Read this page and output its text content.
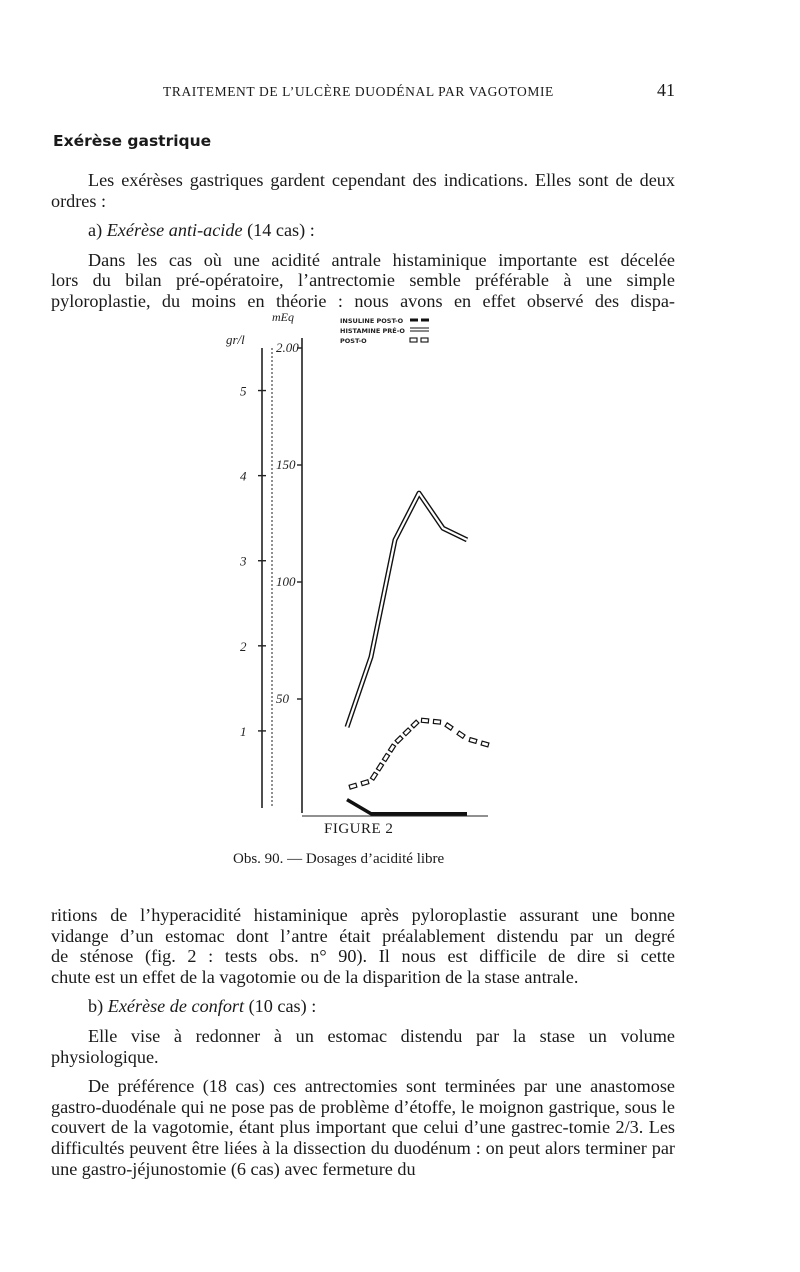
TRAITEMENT DE L’ULCÈRE DUODÉNAL PAR VAGOTOMIE	41
Exérèse gastrique

Les exérèses gastriques gardent cependant des indications. Elles sont de deux ordres :

a) Exérèse anti-acide (14 cas) :

Dans les cas où une acidité antrale histaminique importante est décelée

lors du bilan pré-opératoire, l’antrectomie semble préférable à une simple

pyloroplastie, du moins en théorie : nous avons en effet observé des dispa-

2.00
150
100
50
5
4
3
2
1
gr/l
mEq	INSULINE POST-O
HISTAMINE PRÉ-O
POST-O
FIGURE 2
Obs. 90. — Dosages d’acidité libre

ritions de l’hyperacidité histaminique après pyloroplastie assurant une bonne

vidange d’un estomac dont l’antre était préalablement distendu par un degré

de sténose (fig. 2 : tests obs. n° 90). Il nous est difficile de dire si cette

chute est un effet de la vagotomie ou de la disparition de la stase antrale.

b) Exérèse de confort (10 cas) :

Elle vise à redonner à un estomac distendu par la stase un volume physiologique.

De préférence (18 cas) ces antrectomies sont terminées par une anastomose gastro-duodénale qui ne pose pas de problème d’étoffe, le moignon gastrique, sous le couvert de la vagotomie, étant plus important que celui d’une gastrec-tomie 2/3. Les difficultés peuvent être liées à la dissection du duodénum : on peut alors terminer par une gastro-jéjunostomie (6 cas) avec fermeture du
